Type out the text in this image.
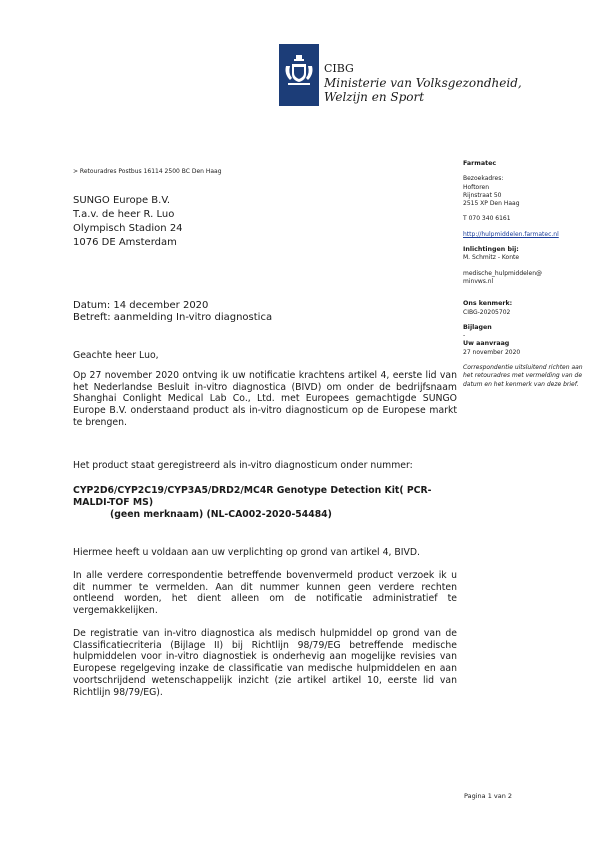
CIBG
Ministerie van Volksgezondheid,
Welzijn en Sport
> Retouradres Postbus 16114 2500 BC Den Haag
SUNGO Europe B.V.
T.a.v. de heer R. Luo
Olympisch Stadion 24
1076 DE Amsterdam
Datum: 14 december 2020
Betreft: aanmelding In-vitro diagnostica
Geachte heer Luo,
Op 27 november 2020 ontving ik uw notificatie krachtens artikel 4, eerste lid van het Nederlandse Besluit in-vitro diagnostica (BIVD) om onder de bedrijfsnaam Shanghai Conlight Medical Lab Co., Ltd. met Europees gemachtigde SUNGO Europe B.V. onderstaand product als in-vitro diagnosticum op de Europese markt te brengen.
Het product staat geregistreerd als in-vitro diagnosticum onder nummer:
CYP2D6/CYP2C19/CYP3A5/DRD2/MC4R Genotype Detection Kit( PCR-MALDI-TOF MS)
(geen merknaam) (NL-CA002-2020-54484)
Hiermee heeft u voldaan aan uw verplichting op grond van artikel 4, BIVD.
In alle verdere correspondentie betreffende bovenvermeld product verzoek ik u dit nummer te vermelden. Aan dit nummer kunnen geen verdere rechten ontleend worden, het dient alleen om de notificatie administratief te vergemakkelijken.
De registratie van in-vitro diagnostica als medisch hulpmiddel op grond van de Classificatiecriteria (Bijlage II) bij Richtlijn 98/79/EG betreffende medische hulpmiddelen voor in-vitro diagnostiek is onderhevig aan mogelijke revisies van Europese regelgeving inzake de classificatie van medische hulpmiddelen en aan voortschrijdend wetenschappelijk inzicht (zie artikel artikel 10, eerste lid van Richtlijn 98/79/EG).
Farmatec
Bezoekadres:
Hoftoren
Rijnstraat 50
2515 XP Den Haag
T 070 340 6161
http://hulpmiddelen.farmatec.nl
Inlichtingen bij:
M. Schmitz - Konte
medische_hulpmiddelen@
minvws.nl
Ons kenmerk:
CIBG-20205702
Bijlagen
-
Uw aanvraag
27 november 2020
Correspondentie uitsluitend richten aan het retouradres met vermelding van de datum en het kenmerk van deze brief.
Pagina 1 van 2
